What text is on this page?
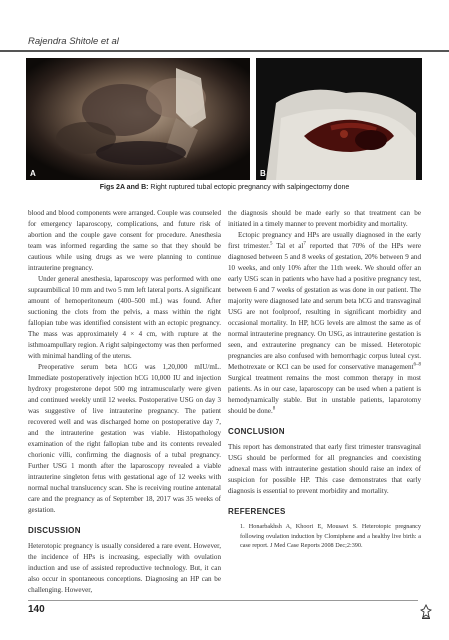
Rajendra Shitole et al
A	B
Figs 2A and B: Right ruptured tubal ectopic pregnancy with salpingectomy done

blood and blood components were arranged. Couple was counseled for emergency laparoscopy, complications, and future risk of abortion and the couple gave consent for procedure. Anesthesia team was informed regarding the same so that they should be cautious while using drugs as we were planning to continue intrauterine pregnancy.

Under general anesthesia, laparoscopy was performed with one supraumbilical 10 mm and two 5 mm left lateral ports. A significant amount of hemoperitoneum (400–500 mL) was found. After suctioning the clots from the pelvis, a mass within the right fallopian tube was identified consistent with an ectopic pregnancy. The mass was approximately 4 × 4 cm, with rupture at the isthmoampullary region. A right salpingectomy was then performed with minimal handling of the uterus.

Preoperative serum beta hCG was 1,20,000 mIU/mL. Immediate postoperatively injection hCG 10,000 IU and injection hydroxy progesterone depot 500 mg intramuscularly were given and continued weekly until 12 weeks. Postoperative USG on day 3 was suggestive of live intrauterine pregnancy. The patient recovered well and was discharged home on postoperative day 7, and the intrauterine gestation was viable. Histopathology examination of the right fallopian tube and its contents revealed chorionic villi, confirming the diagnosis of a tubal pregnancy. Further USG 1 month after the laparoscopy revealed a viable intrauterine singleton fetus with gestational age of 12 weeks with normal nuchal translucency scan. She is receiving routine antenatal care and the pregnancy as of September 18, 2017 was 35 weeks of gestation.

DISCUSSION

Heterotopic pregnancy is usually considered a rare event. However, the incidence of HPs is increasing, especially with ovulation induction and use of assisted reproductive technology. But, it can also occur in spontaneous conceptions. Diagnosing an HP can be challenging. However,

the diagnosis should be made early so that treatment can be initiated in a timely manner to prevent morbidity and mortality.

Ectopic pregnancy and HPs are usually diagnosed in the early first trimester.$^5$ Tal et $al^7$ reported that 70% of the HPs were diagnosed between 5 and 8 weeks of gestation, 20% between 9 and 10 weeks, and only 10% after the 11th week. We should offer an early USG scan in patients who have had a positive pregnancy test, between 6 and 7 weeks of gestation as was done in our patient. The majority were diagnosed late and serum beta hCG and transvaginal USG are not foolproof, resulting in significant morbidity and occasional mortality. In HP, hCG levels are almost the same as of normal intrauterine pregnancy. On USG, as intrauterine gestation is seen, and extrauterine pregnancy can be missed. Heterotopic pregnancies are also confused with hemorrhagic corpus luteal cyst. Methotrexate or KCl can be used for conservative management$^{6-8}$ Surgical treatment remains the most common therapy in most patients. As in our case, laparoscopy can be used when a patient is hemodynamically stable. But in unstable patients, laparotomy should be done.$^8$

CONCLUSION

This report has demonstrated that early first trimester transvaginal USG should be performed for all pregnancies and coexisting adnexal mass with intrauterine gestation should raise an index of suspicion for possible HP. This case demonstrates that early diagnosis is essential to prevent morbidity and mortality.

REFERENCES

1. Honarbakhsh A, Khoori E, Mousavi S. Heterotopic pregnancy following ovulation induction by Clomiphene and a healthy live birth: a case report. J Med Case Reports 2008 Dec;2:390.

140
